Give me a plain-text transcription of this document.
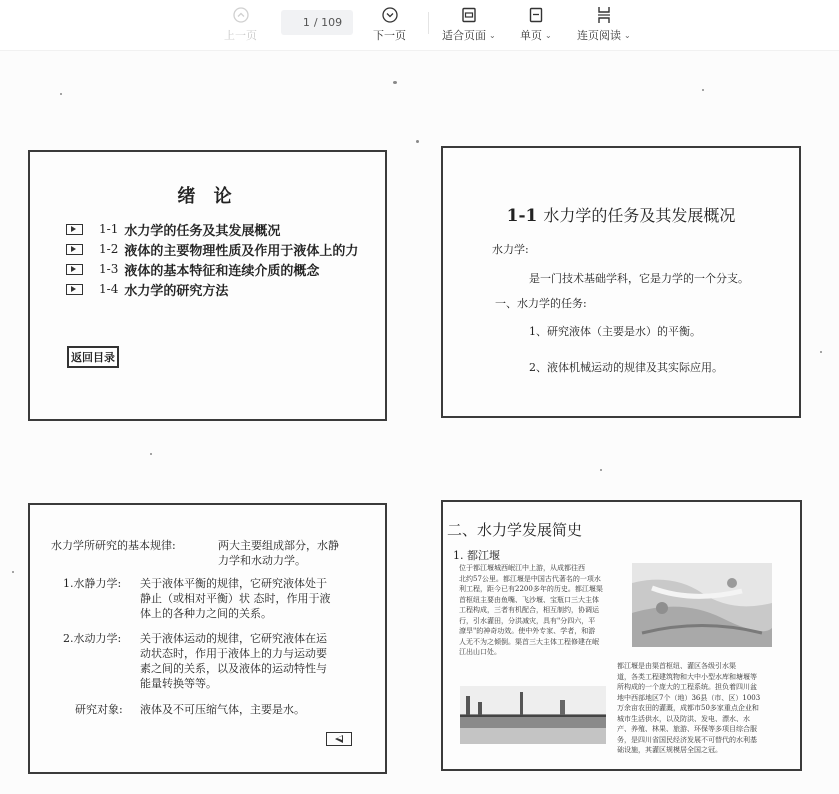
上一页
1
/ 109
下一页	适合页面 ⌄ 单页 ⌄ 连页阅读 ⌄
绪 论
1-1 水力学的任务及其发展概况
1-2 液体的主要物理性质及作用于液体上的力
1-3 液体的基本特征和连续介质的概念
1-4 水力学的研究方法
返回目录
1-1 水力学的任务及其发展概况
水力学:
是一门技术基础学科，它是力学的一个分支。
一、水力学的任务:
1、研究液体（主要是水）的平衡。
2、液体机械运动的规律及其实际应用。
水力学所研究的基本规律:	两大主要组成部分，水静
力学和水动力学。
1.水静力学: 关于液体平衡的规律，它研究液体处于
静止（或相对平衡）状 态时，作用于液
体上的各种力之间的关系。
2.水动力学: 关于液体运动的规律，它研究液体在运
动状态时，作用于液体上的力与运动要
素之间的关系，以及液体的运动特性与
能量转换等等。
研究对象: 液体及不可压缩气体，主要是水。
二、水力学发展简史
1. 都江堰
位于都江堰城西岷江中上游，从成都往西
北约57公里。都江堰是中国古代著名的一项水
利工程，距今已有2200多年的历史。都江堰渠
首枢纽主要由鱼嘴、飞沙堰、宝瓶口三大主体
工程构成，三者有机配合，相互制约，协调运
行，引水灌田，分洪减灾，具有"分四六，平
潦旱"的神奇功效。使中外专家、学者，和游
人无不为之倾倒。渠首三大主体工程修建在岷
江出山口处。
都江堰是由渠首枢纽、灌区各级引水渠
道，各类工程建筑物和大中小型水库和塘堰等
所构成的一个庞大的工程系统。担负着四川盆
地中西部地区7个（地）36县（市、区）1003
万余亩农田的灌溉，成都市50多家重点企业和
城市生活供水，以及防洪、发电、漂水、水
产、养殖、林果、旅游、环保等多项目综合服
务，是四川省国民经济发展不可替代的水利基
础设施，其灌区规模居全国之冠。
